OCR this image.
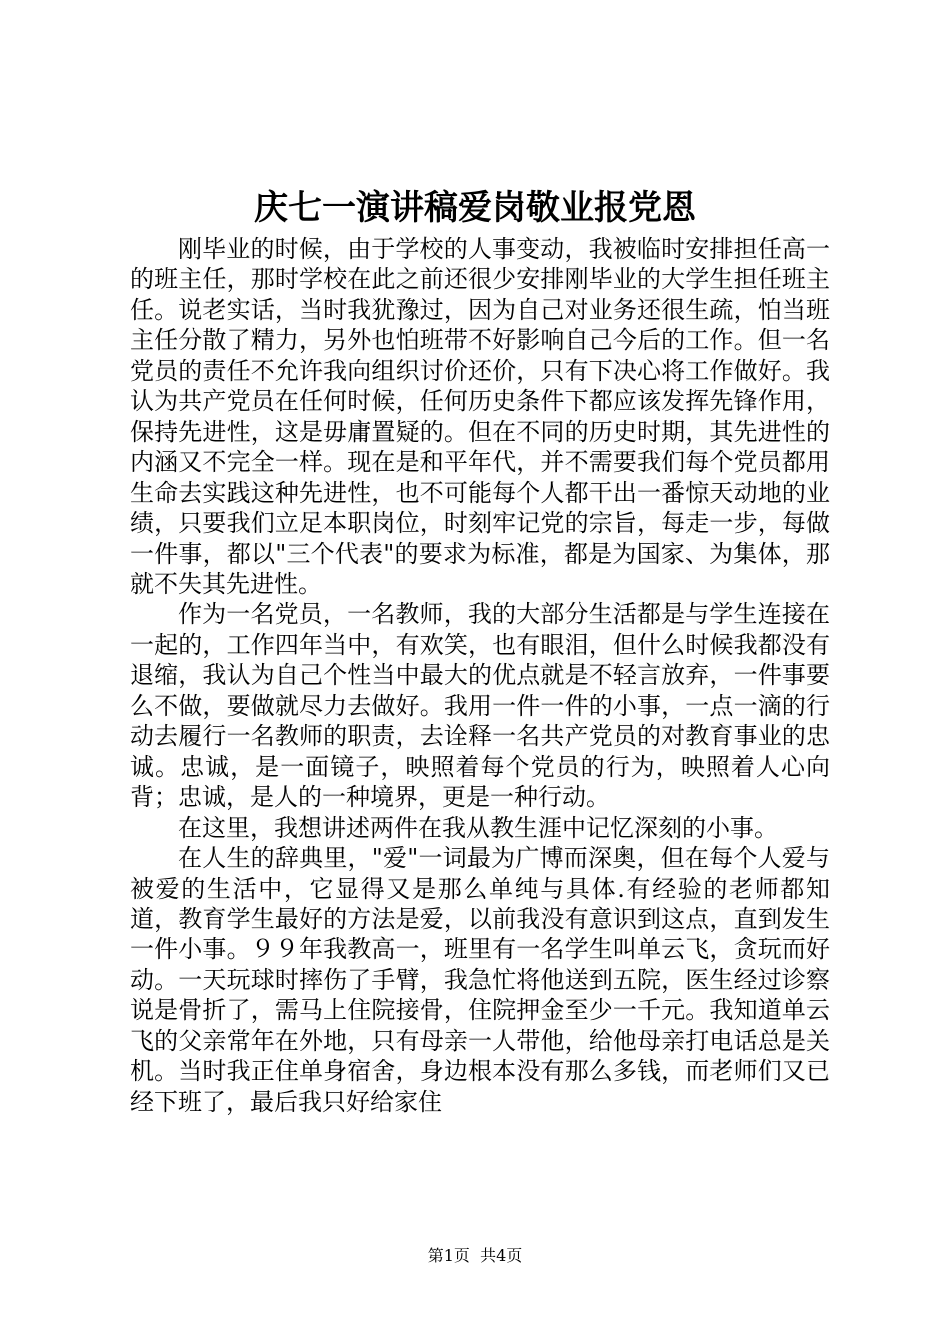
庆七一演讲稿爱岗敬业报党恩

刚毕业的时候，由于学校的人事变动，我被临时安排担任高一的班主任，那时学校在此之前还很少安排刚毕业的大学生担任班主任。说老实话，当时我犹豫过，因为自己对业务还很生疏，怕当班主任分散了精力，另外也怕班带不好影响自己今后的工作。但一名党员的责任不允许我向组织讨价还价，只有下决心将工作做好。我认为共产党员在任何时候，任何历史条件下都应该发挥先锋作用，保持先进性，这是毋庸置疑的。但在不同的历史时期，其先进性的内涵又不完全一样。现在是和平年代，并不需要我们每个党员都用生命去实践这种先进性，也不可能每个人都干出一番惊天动地的业绩，只要我们立足本职岗位，时刻牢记党的宗旨，每走一步，每做一件事，都以"三个代表"的要求为标准，都是为国家、为集体，那就不失其先进性。

作为一名党员，一名教师，我的大部分生活都是与学生连接在一起的，工作四年当中，有欢笑，也有眼泪，但什么时候我都没有退缩，我认为自己个性当中最大的优点就是不轻言放弃，一件事要么不做，要做就尽力去做好。我用一件一件的小事，一点一滴的行动去履行一名教师的职责，去诠释一名共产党员的对教育事业的忠诚。忠诚，是一面镜子，映照着每个党员的行为，映照着人心向背；忠诚，是人的一种境界，更是一种行动。

在这里，我想讲述两件在我从教生涯中记忆深刻的小事。

在人生的辞典里，"爱"一词最为广博而深奥，但在每个人爱与被爱的生活中，它显得又是那么单纯与具体.有经验的老师都知道，教育学生最好的方法是爱，以前我没有意识到这点，直到发生一件小事。９９年我教高一，班里有一名学生叫单云飞，贪玩而好动。一天玩球时摔伤了手臂，我急忙将他送到五院，医生经过诊察说是骨折了，需马上住院接骨，住院押金至少一千元。我知道单云飞的父亲常年在外地，只有母亲一人带他，给他母亲打电话总是关机。当时我正住单身宿舍，身边根本没有那么多钱，而老师们又已经下班了，最后我只好给家住

第1页 共4页
